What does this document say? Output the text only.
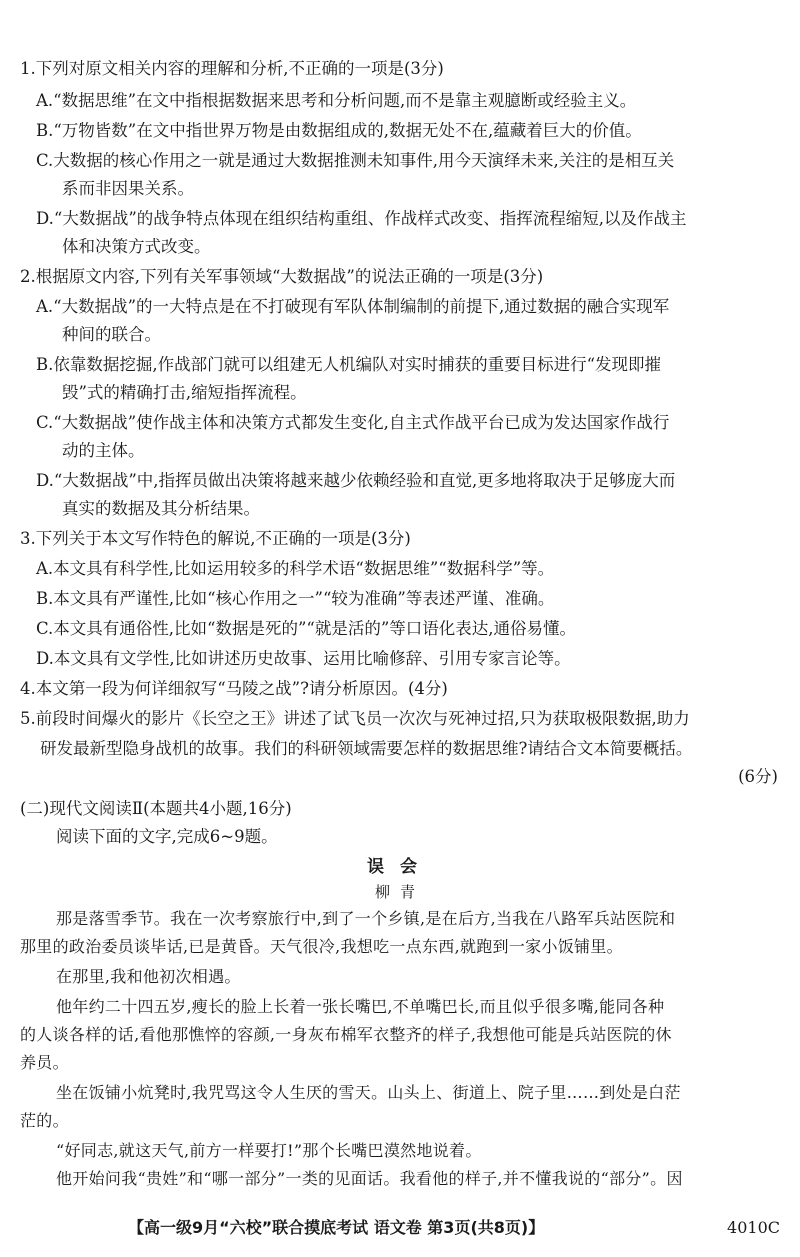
1.下列对原文相关内容的理解和分析,不正确的一项是(3分)
A.“数据思维”在文中指根据数据来思考和分析问题,而不是靠主观臆断或经验主义。
B.“万物皆数”在文中指世界万物是由数据组成的,数据无处不在,蕴藏着巨大的价值。
C.大数据的核心作用之一就是通过大数据推测未知事件,用今天演绎未来,关注的是相互关
系而非因果关系。
D.“大数据战”的战争特点体现在组织结构重组、作战样式改变、指挥流程缩短,以及作战主
体和决策方式改变。
2.根据原文内容,下列有关军事领域“大数据战”的说法正确的一项是(3分)
A.“大数据战”的一大特点是在不打破现有军队体制编制的前提下,通过数据的融合实现军
种间的联合。
B.依靠数据挖掘,作战部门就可以组建无人机编队对实时捕获的重要目标进行“发现即摧
毁”式的精确打击,缩短指挥流程。
C.“大数据战”使作战主体和决策方式都发生变化,自主式作战平台已成为发达国家作战行
动的主体。
D.“大数据战”中,指挥员做出决策将越来越少依赖经验和直觉,更多地将取决于足够庞大而
真实的数据及其分析结果。
3.下列关于本文写作特色的解说,不正确的一项是(3分)
A.本文具有科学性,比如运用较多的科学术语“数据思维”“数据科学”等。
B.本文具有严谨性,比如“核心作用之一”“较为准确”等表述严谨、准确。
C.本文具有通俗性,比如“数据是死的”“就是活的”等口语化表达,通俗易懂。
D.本文具有文学性,比如讲述历史故事、运用比喻修辞、引用专家言论等。
4.本文第一段为何详细叙写“马陵之战”?请分析原因。(4分)
5.前段时间爆火的影片《长空之王》讲述了试飞员一次次与死神过招,只为获取极限数据,助力
研发最新型隐身战机的故事。我们的科研领域需要怎样的数据思维?请结合文本简要概括。
(6分)
(二)现代文阅读Ⅱ(本题共4小题,16分)
阅读下面的文字,完成6~9题。
误会
柳青
那是落雪季节。我在一次考察旅行中,到了一个乡镇,是在后方,当我在八路军兵站医院和
那里的政治委员谈毕话,已是黄昏。天气很冷,我想吃一点东西,就跑到一家小饭铺里。
在那里,我和他初次相遇。
他年约二十四五岁,瘦长的脸上长着一张长嘴巴,不单嘴巴长,而且似乎很多嘴,能同各种
的人谈各样的话,看他那憔悴的容颜,一身灰布棉军衣整齐的样子,我想他可能是兵站医院的休
养员。
坐在饭铺小炕凳时,我咒骂这令人生厌的雪天。山头上、街道上、院子里……到处是白茫
茫的。
“好同志,就这天气,前方一样要打!”那个长嘴巴漠然地说着。
他开始问我“贵姓”和“哪一部分”一类的见面话。我看他的样子,并不懂我说的“部分”。因
【高一级9月“六校”联合摸底考试 语文卷 第3页(共8页)】	4010C
